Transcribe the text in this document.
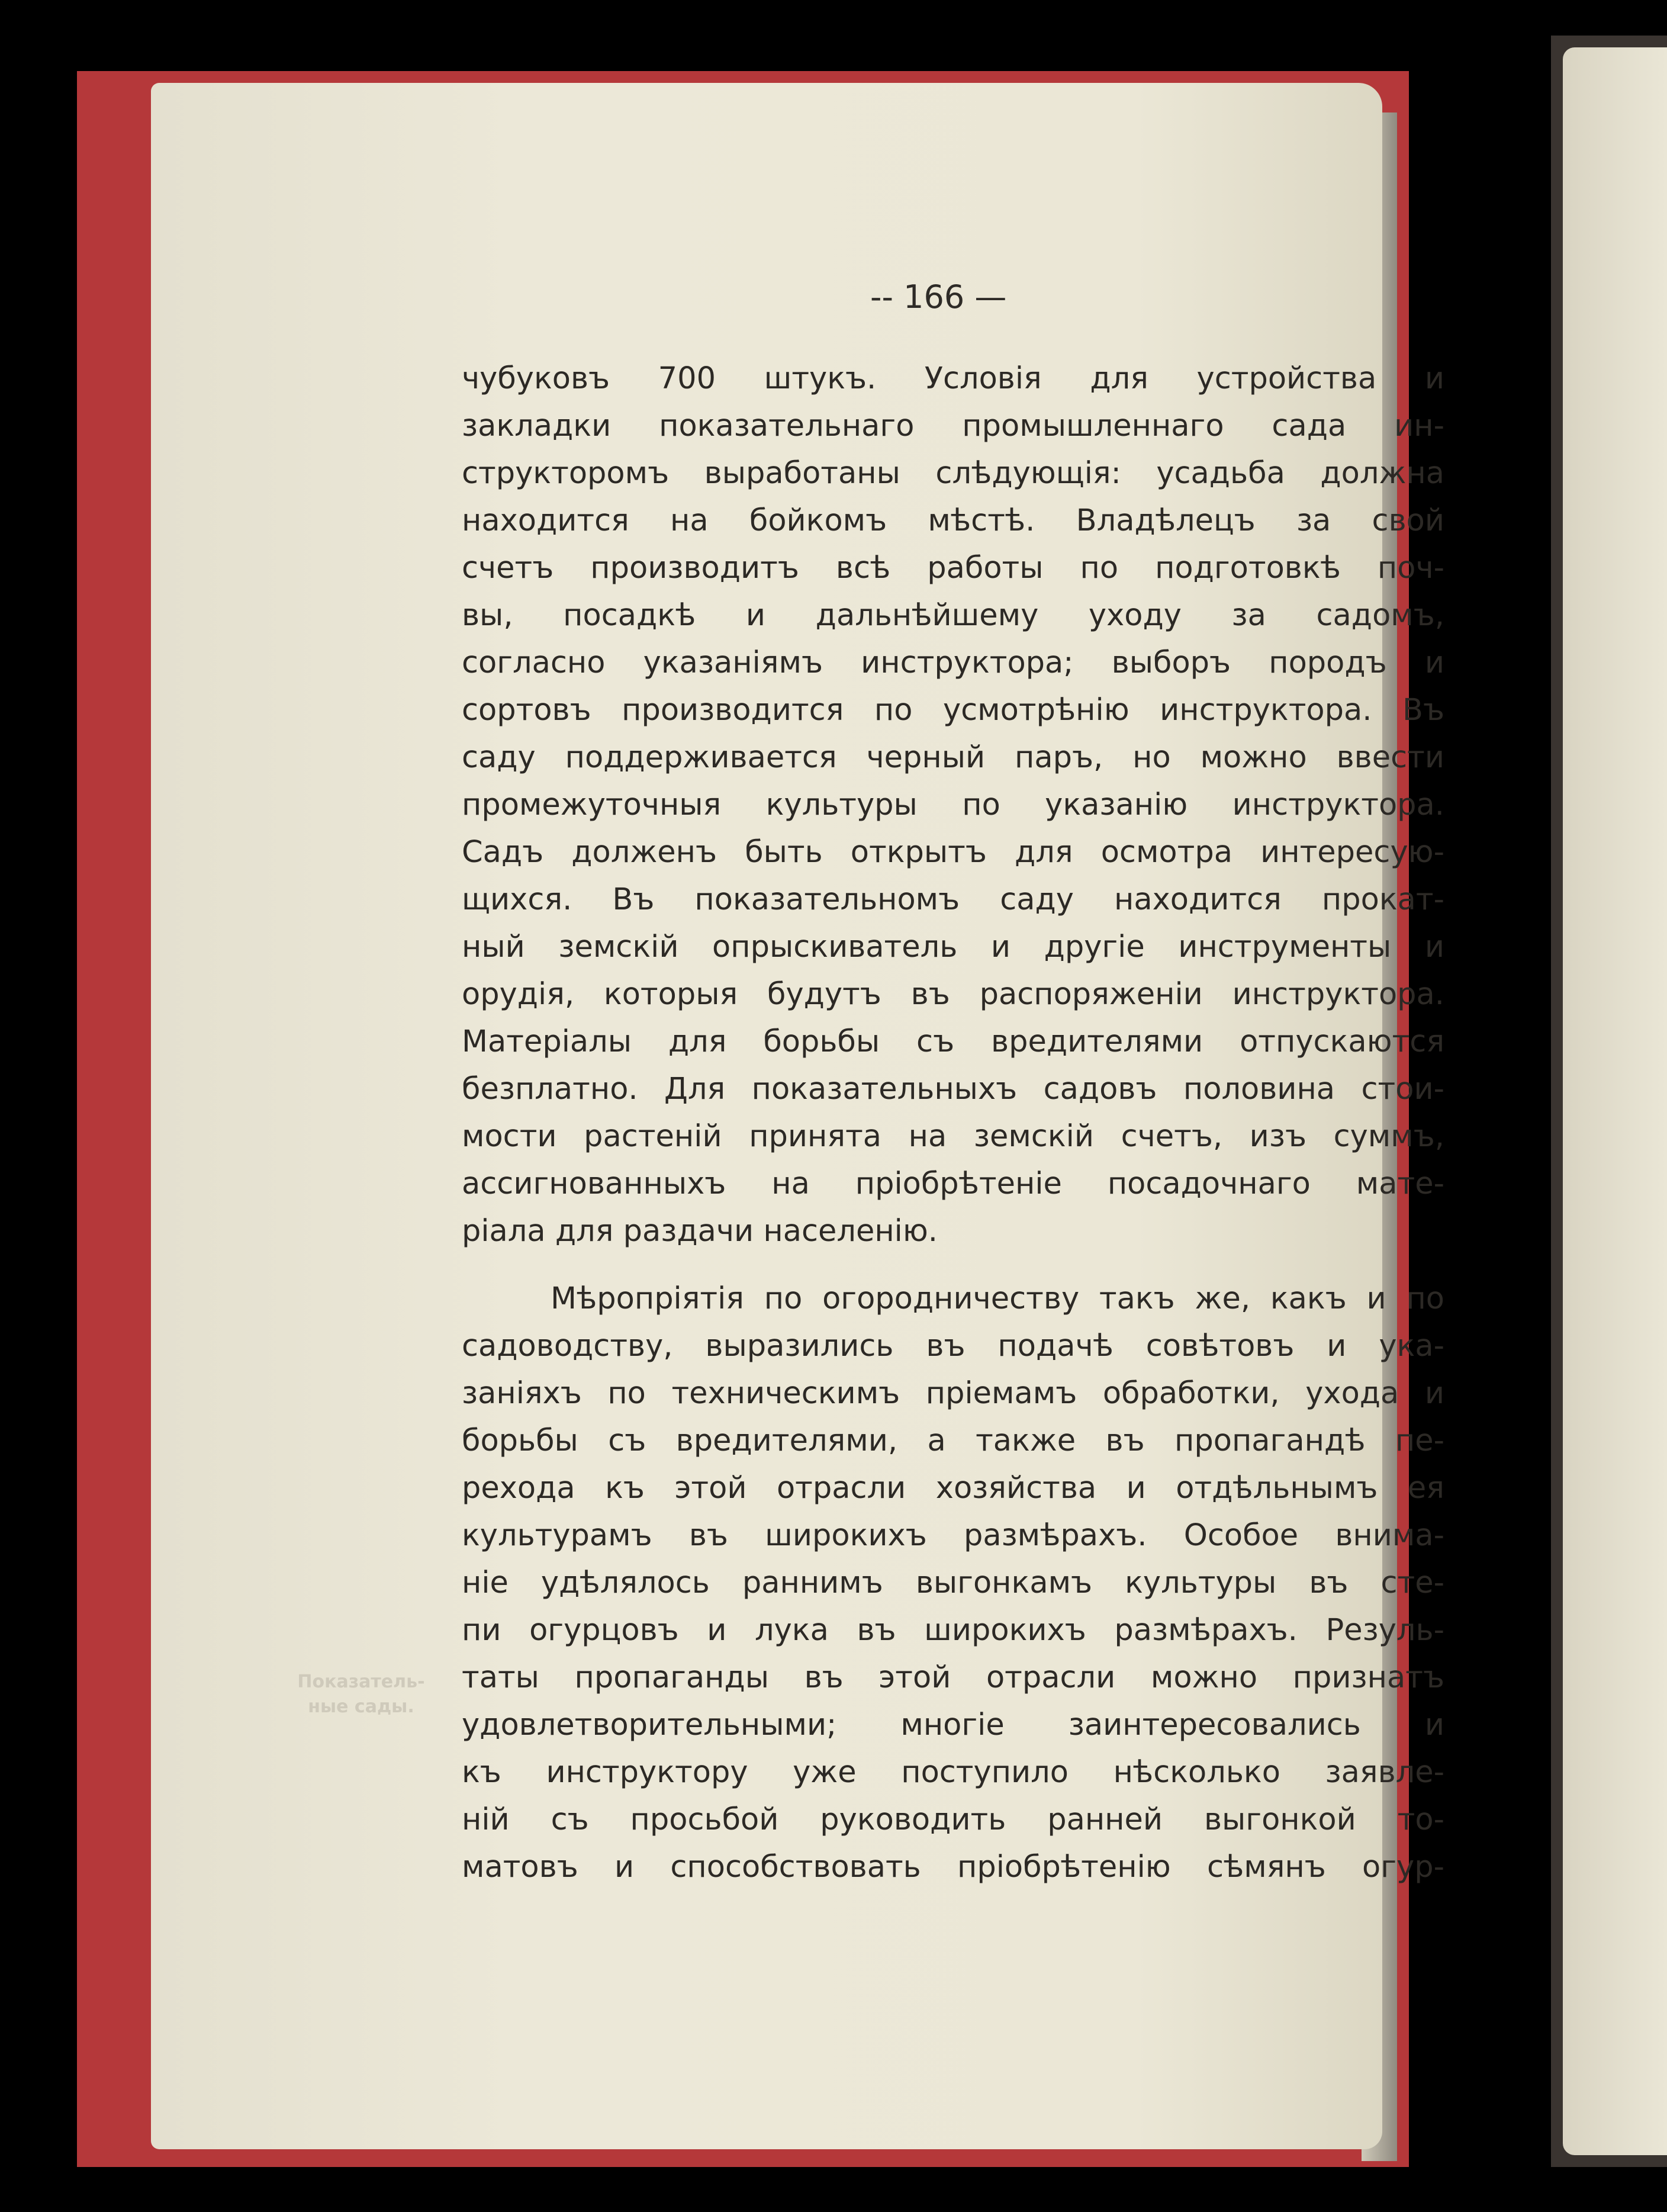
-- 166 —
Показатель-
ные сады.
чубуковъ 700 штукъ. Условія для устройства и
закладки показательнаго промышленнаго сада ин-
структоромъ выработаны слѣдующія: усадьба должна
находится на бойкомъ мѣстѣ. Владѣлецъ за свой
счетъ производитъ всѣ работы по подготовкѣ поч-
вы, посадкѣ и дальнѣйшему уходу за садомъ,
согласно указаніямъ инструктора; выборъ породъ и
сортовъ производится по усмотрѣнію инструктора. Въ
саду поддерживается черный паръ, но можно ввести
промежуточныя культуры по указанію инструктора.
Садъ долженъ быть открытъ для осмотра интересую-
щихся. Въ показательномъ саду находится прокат-
ный земскій опрыскиватель и другіе инструменты и
орудія, которыя будутъ въ распоряженіи инструктора.
Матеріалы для борьбы съ вредителями отпускаются
безплатно. Для показательныхъ садовъ половина стои-
мости растеній принята на земскій счетъ, изъ суммъ,
ассигнованныхъ на пріобрѣтеніе посадочнаго мате-
ріала для раздачи населенію.
Мѣропріятія по огородничеству такъ же, какъ и по
садоводству, выразились въ подачѣ совѣтовъ и ука-
заніяхъ по техническимъ пріемамъ обработки, ухода и
борьбы съ вредителями, а также въ пропагандѣ пе-
рехода къ этой отрасли хозяйства и отдѣльнымъ ея
культурамъ въ широкихъ размѣрахъ. Особое внима-
ніе удѣлялось раннимъ выгонкамъ культуры въ сте-
пи огурцовъ и лука въ широкихъ размѣрахъ. Резуль-
таты пропаганды въ этой отрасли можно признатъ
удовлетворительными; многіе заинтересовались и
къ инструктору уже поступило нѣсколько заявле-
ній съ просьбой руководить ранней выгонкой то-
матовъ и способствовать пріобрѣтенію сѣмянъ огур-
